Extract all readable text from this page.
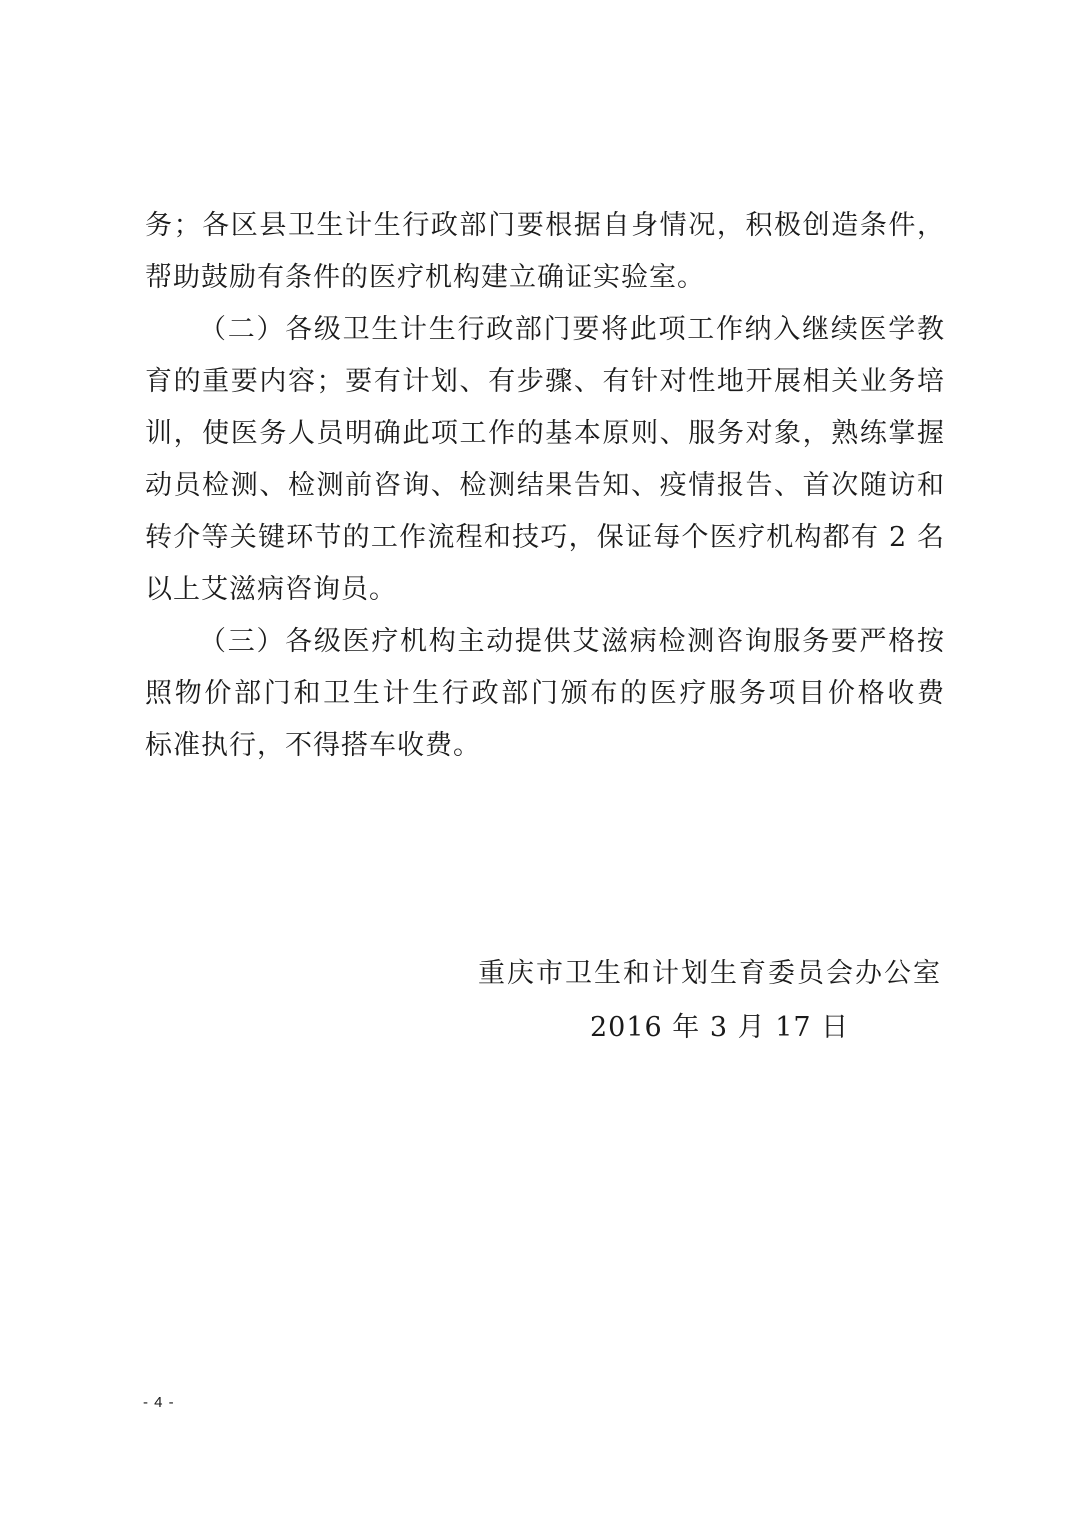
务；各区县卫生计生行政部门要根据自身情况，积极创造条件，
帮助鼓励有条件的医疗机构建立确证实验室。
（二）各级卫生计生行政部门要将此项工作纳入继续医学教
育的重要内容；要有计划、有步骤、有针对性地开展相关业务培
训，使医务人员明确此项工作的基本原则、服务对象，熟练掌握
动员检测、检测前咨询、检测结果告知、疫情报告、首次随访和
转介等关键环节的工作流程和技巧，保证每个医疗机构都有 2 名
以上艾滋病咨询员。
（三）各级医疗机构主动提供艾滋病检测咨询服务要严格按
照物价部门和卫生计生行政部门颁布的医疗服务项目价格收费
标准执行，不得搭车收费。
重庆市卫生和计划生育委员会办公室
2016 年 3 月 17 日
- 4 -
